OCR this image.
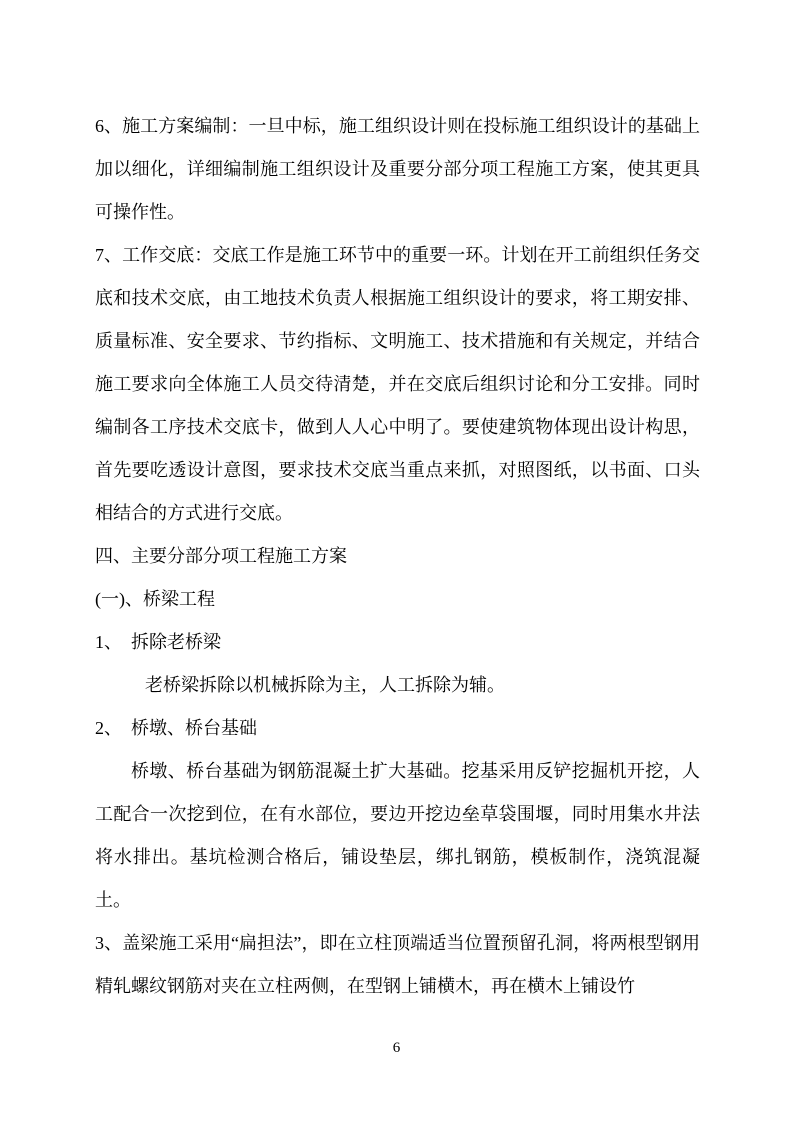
6、施工方案编制：一旦中标，施工组织设计则在投标施工组织设计的基础上加以细化，详细编制施工组织设计及重要分部分项工程施工方案，使其更具可操作性。

7、工作交底：交底工作是施工环节中的重要一环。计划在开工前组织任务交底和技术交底，由工地技术负责人根据施工组织设计的要求，将工期安排、质量标准、安全要求、节约指标、文明施工、技术措施和有关规定，并结合施工要求向全体施工人员交待清楚，并在交底后组织讨论和分工安排。同时编制各工序技术交底卡，做到人人心中明了。要使建筑物体现出设计构思，首先要吃透设计意图，要求技术交底当重点来抓，对照图纸，以书面、口头相结合的方式进行交底。

四、主要分部分项工程施工方案

(一)、桥梁工程

1、　拆除老桥梁

老桥梁拆除以机械拆除为主，人工拆除为辅。

2、　桥墩、桥台基础

桥墩、桥台基础为钢筋混凝土扩大基础。挖基采用反铲挖掘机开挖，人工配合一次挖到位，在有水部位，要边开挖边垒草袋围堰，同时用集水井法将水排出。基坑检测合格后，铺设垫层，绑扎钢筋，模板制作，浇筑混凝土。

3、盖梁施工采用“扁担法”，即在立柱顶端适当位置预留孔洞，将两根型钢用精轧螺纹钢筋对夹在立柱两侧，在型钢上铺横木，再在横木上铺设竹

6
